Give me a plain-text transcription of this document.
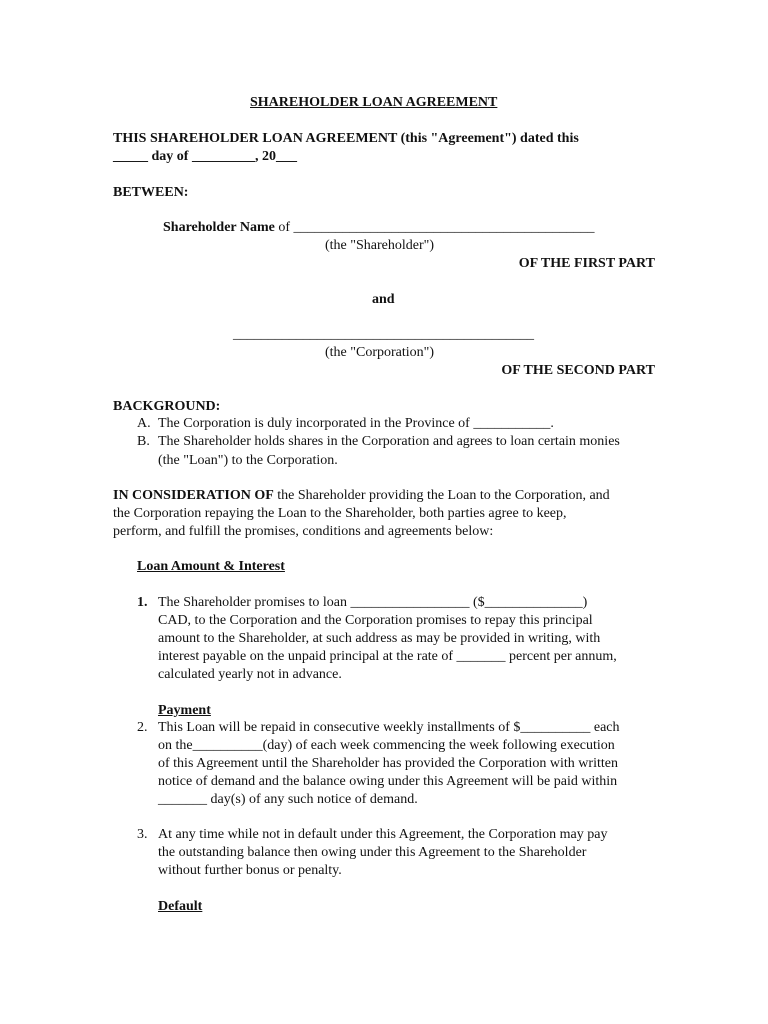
SHAREHOLDER LOAN AGREEMENT
THIS SHAREHOLDER LOAN AGREEMENT (this "Agreement") dated this
_____ day of _________, 20___
BETWEEN:
Shareholder Name of ___________________________________________
(the "Shareholder")
OF THE FIRST PART
and
___________________________________________
(the "Corporation")
OF THE SECOND PART
BACKGROUND:
A. The Corporation is duly incorporated in the Province of ___________.
B. The Shareholder holds shares in the Corporation and agrees to loan certain monies
(the "Loan") to the Corporation.
IN CONSIDERATION OF the Shareholder providing the Loan to the Corporation, and
the Corporation repaying the Loan to the Shareholder, both parties agree to keep,
perform, and fulfill the promises, conditions and agreements below:
Loan Amount & Interest
1. The Shareholder promises to loan _________________ ($______________)
CAD, to the Corporation and the Corporation promises to repay this principal
amount to the Shareholder, at such address as may be provided in writing, with
interest payable on the unpaid principal at the rate of _______ percent per annum,
calculated yearly not in advance.
Payment
2. This Loan will be repaid in consecutive weekly installments of $__________ each
on the__________(day) of each week commencing the week following execution
of this Agreement until the Shareholder has provided the Corporation with written
notice of demand and the balance owing under this Agreement will be paid within
_______ day(s) of any such notice of demand.
3. At any time while not in default under this Agreement, the Corporation may pay
the outstanding balance then owing under this Agreement to the Shareholder
without further bonus or penalty.
Default
